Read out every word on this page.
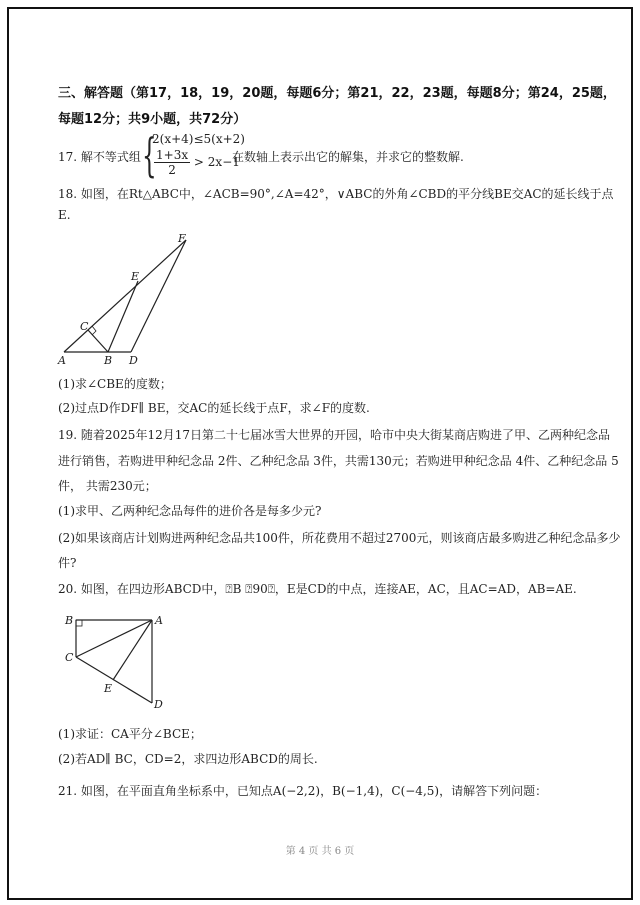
三、解答题（第17，18，19，20题，每题6分；第21，22，23题，每题8分；第24，25题，
每题12分；共9小题，共72分）
17. 解不等式组 {
2(x+4)≤5(x+2)
$\frac{1+3x}{2} > 2x-1$
在数轴上表示出它的解集，并求它的整数解.
18. 如图，在Rt△ABC中，∠ACB=90°,∠A=42°，∨ABC的外角∠CBD的平分线BE交AC的延长线于点
E.
A	B D
C
E
F
B	A
C
E
D
(1)求∠CBE的度数；
(2)过点D作DF∥ BE，交AC的延长线于点F，求∠F的度数.
19. 随着2025年12月17日第二十七届冰雪大世界的开园，哈市中央大街某商店购进了甲、乙两种纪念品
进行销售，若购进甲种纪念品 2件、乙种纪念品 3件，共需130元；若购进甲种纪念品 4件、乙种纪念品 5
件， 共需230元；
(1)求甲、乙两种纪念品每件的进价各是每多少元?
(2)如果该商店计划购进两种纪念品共100件，所花费用不超过2700元，则该商店最多购进乙种纪念品多少
件?
20. 如图，在四边形ABCD中，⍰B ⍰90⍰，E是CD的中点，连接AE，AC，且AC=AD，AB=AE.
(1)求证：CA平分∠BCE；
(2)若AD∥ BC，CD=2，求四边形ABCD的周长.
21. 如图，在平面直角坐标系中，已知点A(−2,2)，B(−1,4)，C(−4,5)，请解答下列问题：
第 4 页 共 6 页
